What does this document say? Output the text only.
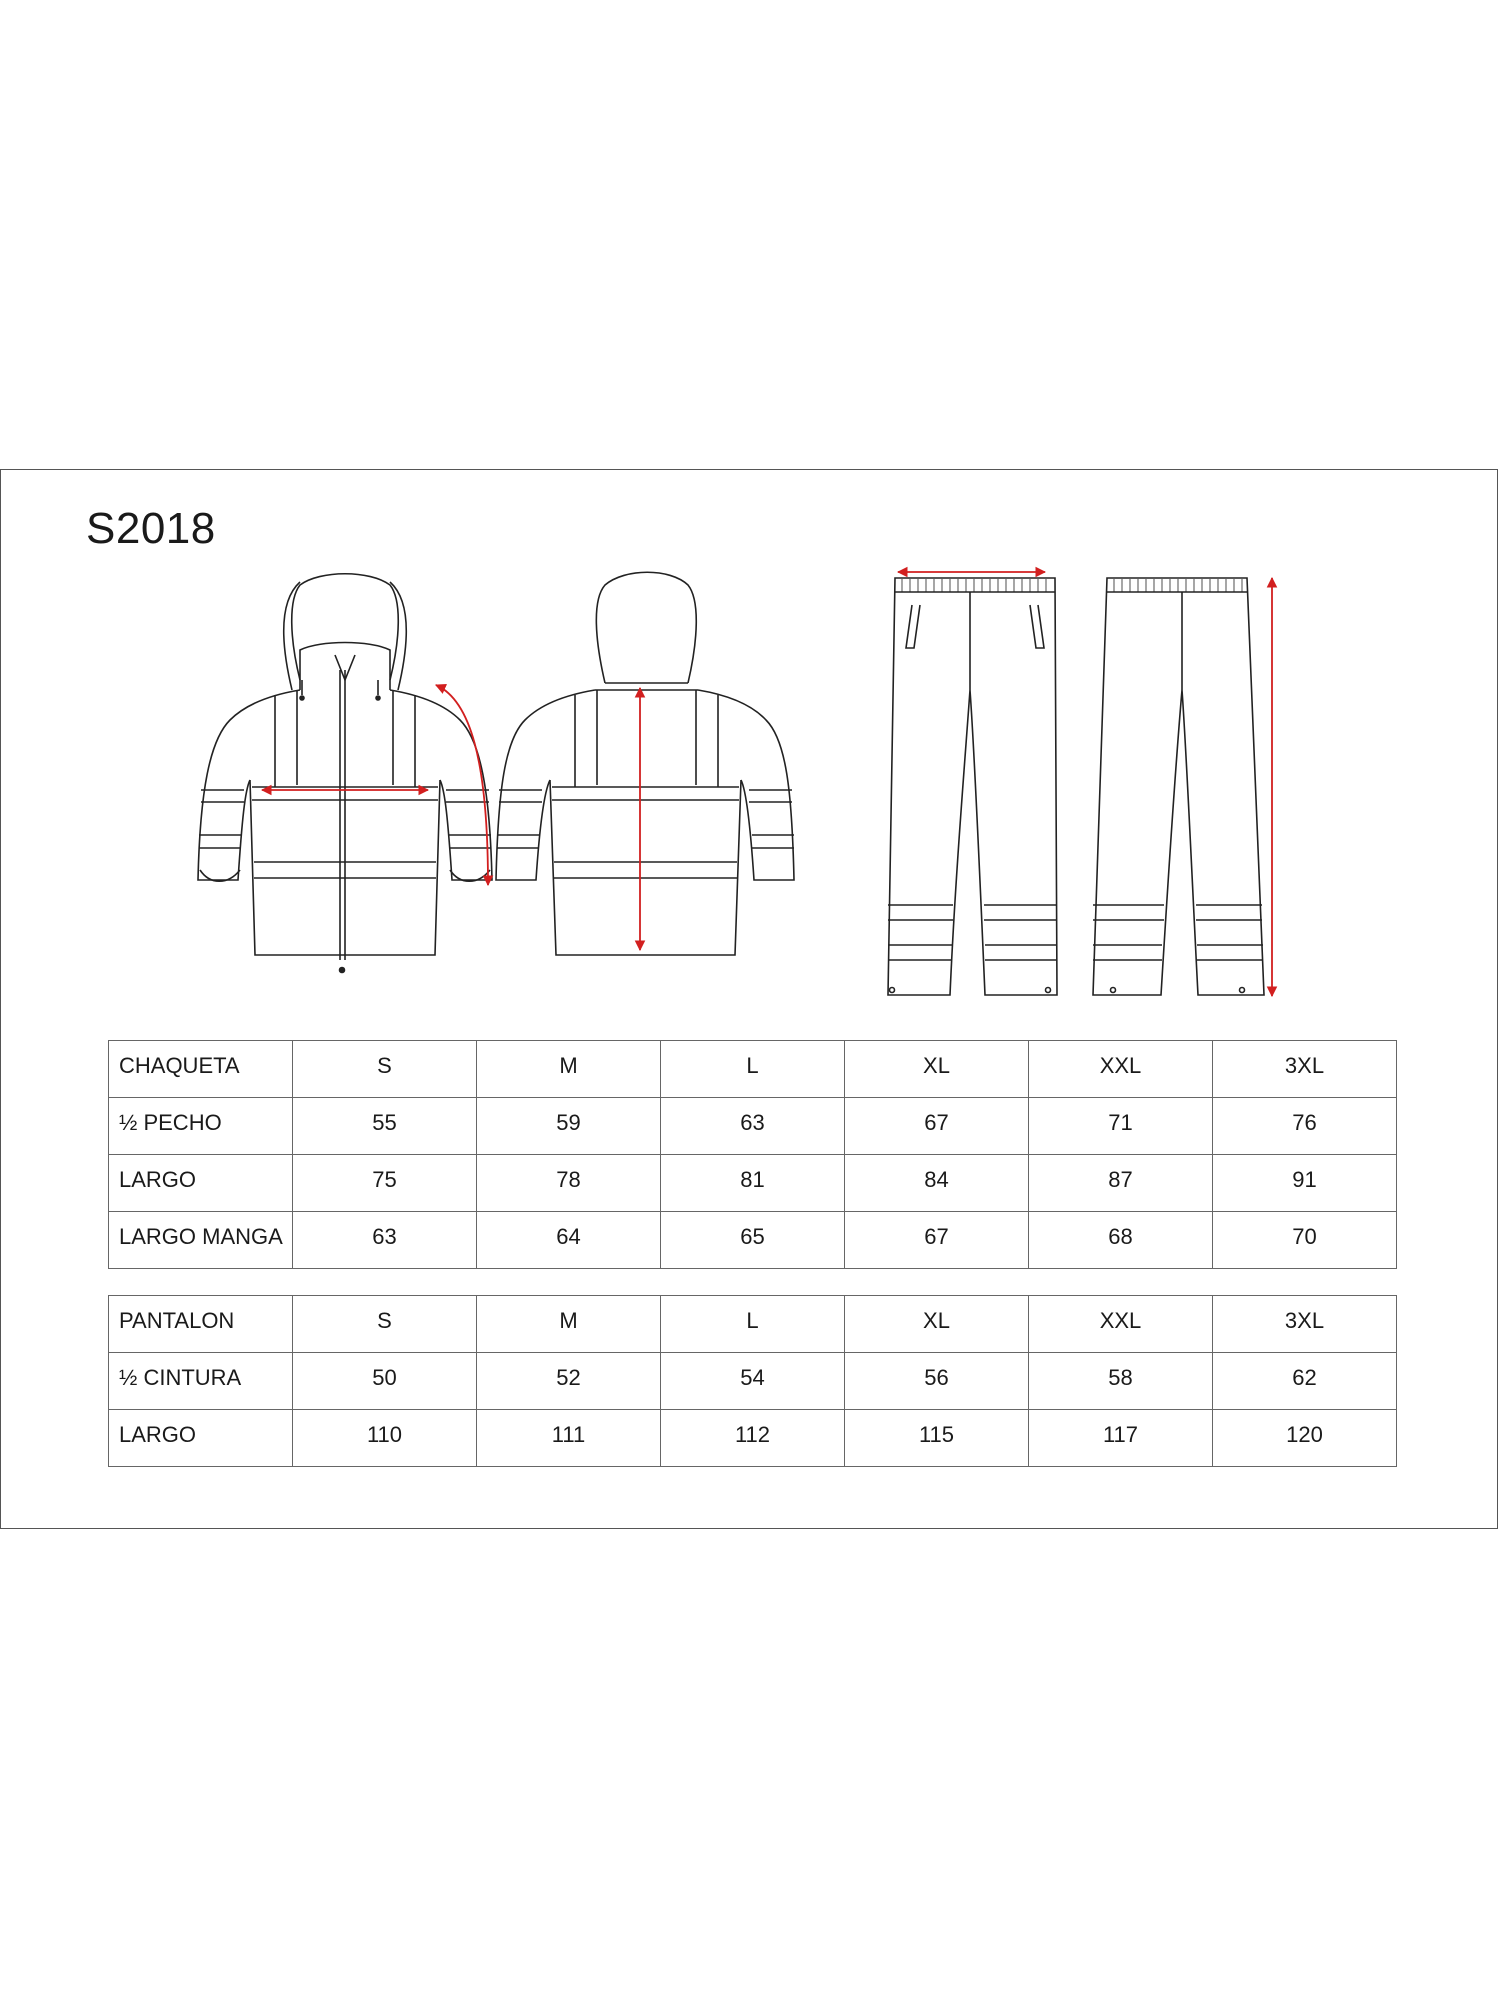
S2018
CHAQUETA	S	M	L	XL	XXL	3XL
½ PECHO	55	59	63	67	71	76
LARGO	75	78	81	84	87	91
LARGO MANGA	63	64	65	67	68	70
PANTALON	S	M	L	XL	XXL	3XL
½ CINTURA	50	52	54	56	58	62
LARGO	110	111	112	115	117	120
